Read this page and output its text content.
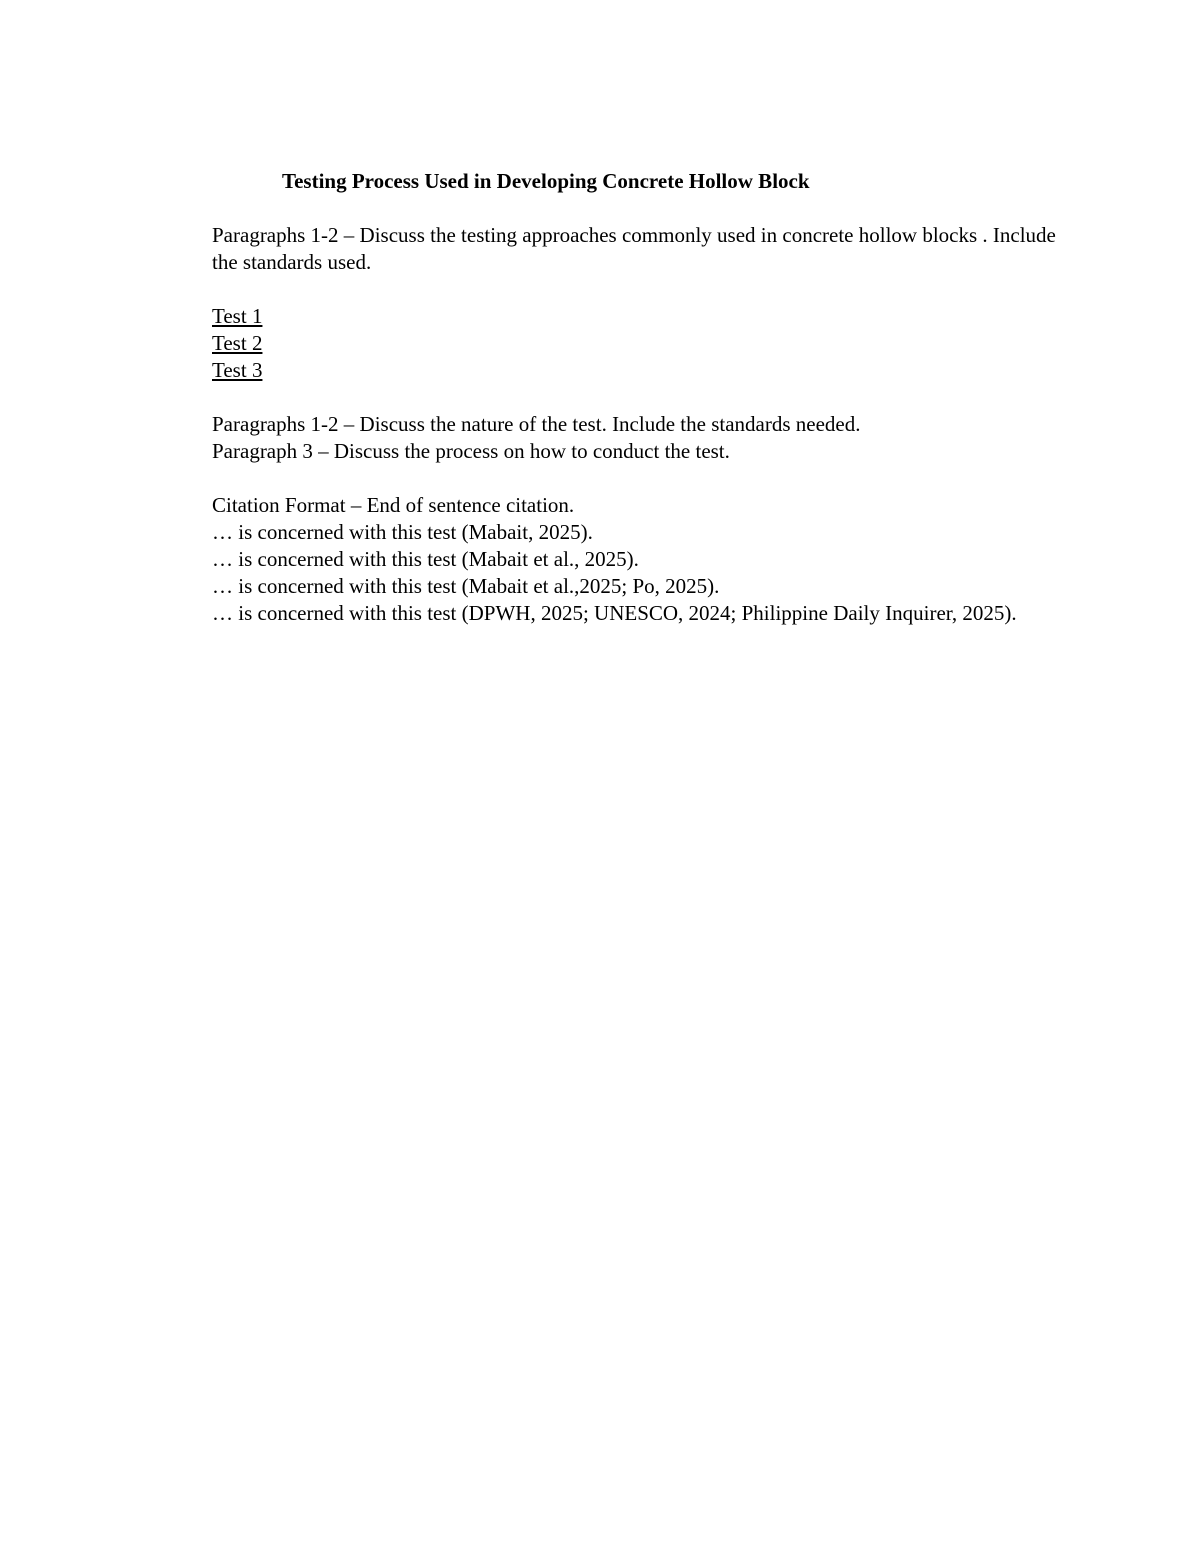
Testing Process Used in Developing Concrete Hollow Block

Paragraphs 1-2 – Discuss the testing approaches commonly used in concrete hollow blocks . Include the standards used.

Test 1
Test 2
Test 3
Paragraphs 1-2 – Discuss the nature of the test. Include the standards needed.
Paragraph 3 – Discuss the process on how to conduct the test.
Citation Format – End of sentence citation.
… is concerned with this test (Mabait, 2025).
… is concerned with this test (Mabait et al., 2025).
… is concerned with this test (Mabait et al.,2025; Po, 2025).
… is concerned with this test (DPWH, 2025; UNESCO, 2024; Philippine Daily Inquirer, 2025).
